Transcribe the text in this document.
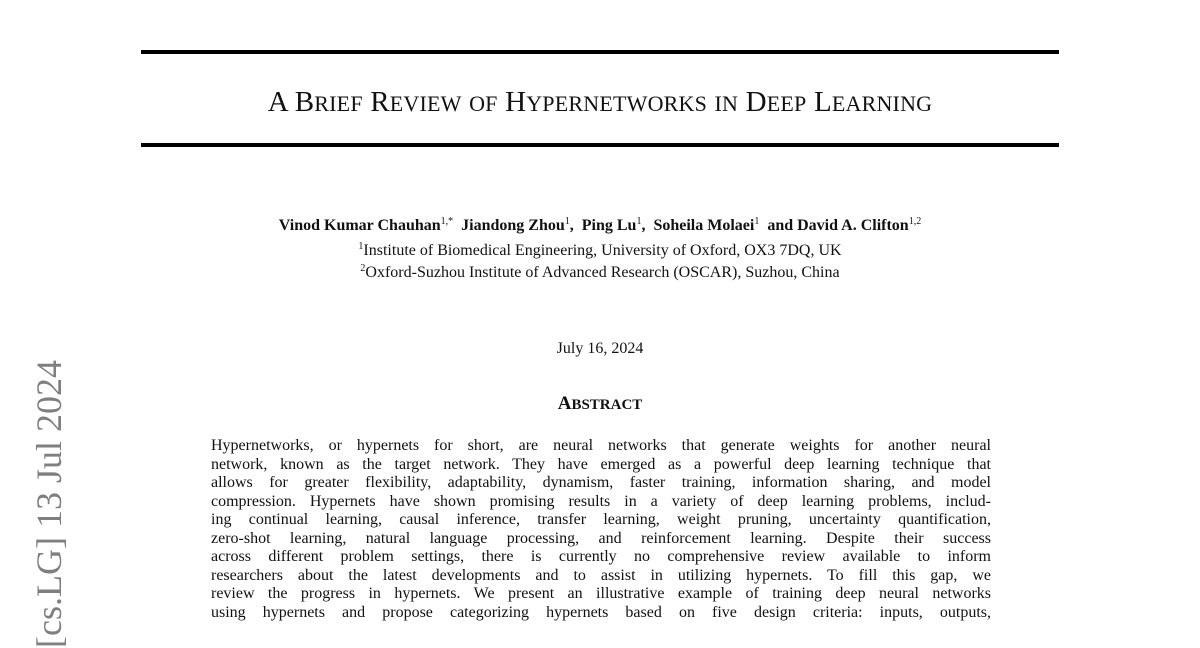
[cs.LG] 13 Jul 2024
A BRIEF REVIEW OF HYPERNETWORKS IN DEEP LEARNING
Vinod Kumar Chauhan$^{1,*}$ Jiandong Zhou$^1$,  Ping Lu$^1$,  Soheila Molaei$^1$ and David A. Clifton$^{1,2}$
$^1$Institute of Biomedical Engineering, University of Oxford, OX3 7DQ, UK
$^2$Oxford-Suzhou Institute of Advanced Research (OSCAR), Suzhou, China
July 16, 2024
ABSTRACT

Hypernetworks, or hypernets for short, are neural networks that generate weights for another neural
network, known as the target network. They have emerged as a powerful deep learning technique that
allows for greater flexibility, adaptability, dynamism, faster training, information sharing, and model
compression. Hypernets have shown promising results in a variety of deep learning problems, includ-
ing continual learning, causal inference, transfer learning, weight pruning, uncertainty quantification,
zero-shot learning, natural language processing, and reinforcement learning. Despite their success
across different problem settings, there is currently no comprehensive review available to inform
researchers about the latest developments and to assist in utilizing hypernets. To fill this gap, we
review the progress in hypernets. We present an illustrative example of training deep neural networks
using hypernets and propose categorizing hypernets based on five design criteria: inputs, outputs,
